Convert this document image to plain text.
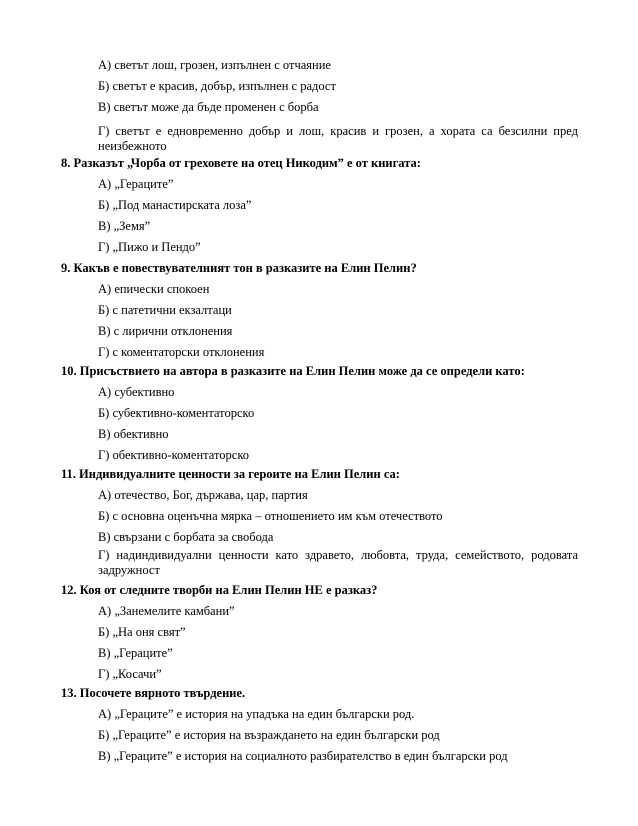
А) светът лош, грозен, изпълнен с отчаяние
Б) светът е красив, добър, изпълнен с радост
В) светът може да бъде променен с борба
Г) светът е едновременно добър и лош, красив и грозен, а хората са безсилни пред неизбежното
8. Разказът „Чорба от греховете на отец Никодим” е от книгата:
А) „Гераците”
Б) „Под манастирската лоза”
В) „Земя”
Г) „Пижо и Пендо”
9. Какъв е повествувателният тон в разказите на Елин Пелин?
А) епически спокоен
Б) с патетични екзалтаци
В) с лирични отклонения
Г) с коментаторски отклонения
10. Присъствието на автора в разказите на Елин Пелин може да се определи като:
А) субективно
Б) субективно-коментаторско
В) обективно
Г) обективно-коментаторско
11. Индивидуалните ценности за героите на Елин Пелин са:
А) отечество, Бог, държава, цар, партия
Б) с основна оценъчна мярка – отношението им към отечеството
В) свързани с борбата за свобода
Г) надиндивидуални ценности като здравето, любовта, труда, семейството, родовата задружност
12. Коя от следните творби на Елин Пелин НЕ е разказ?
А) „Занемелите камбани”
Б) „На оня свят”
В) „Гераците”
Г) „Косачи”
13. Посочете вярното твърдение.
А) „Гераците” е история на упадъка на един български род.
Б) „Гераците” е история на възраждането на един български род
В) „Гераците” е история на социалното разбирателство в един български род
